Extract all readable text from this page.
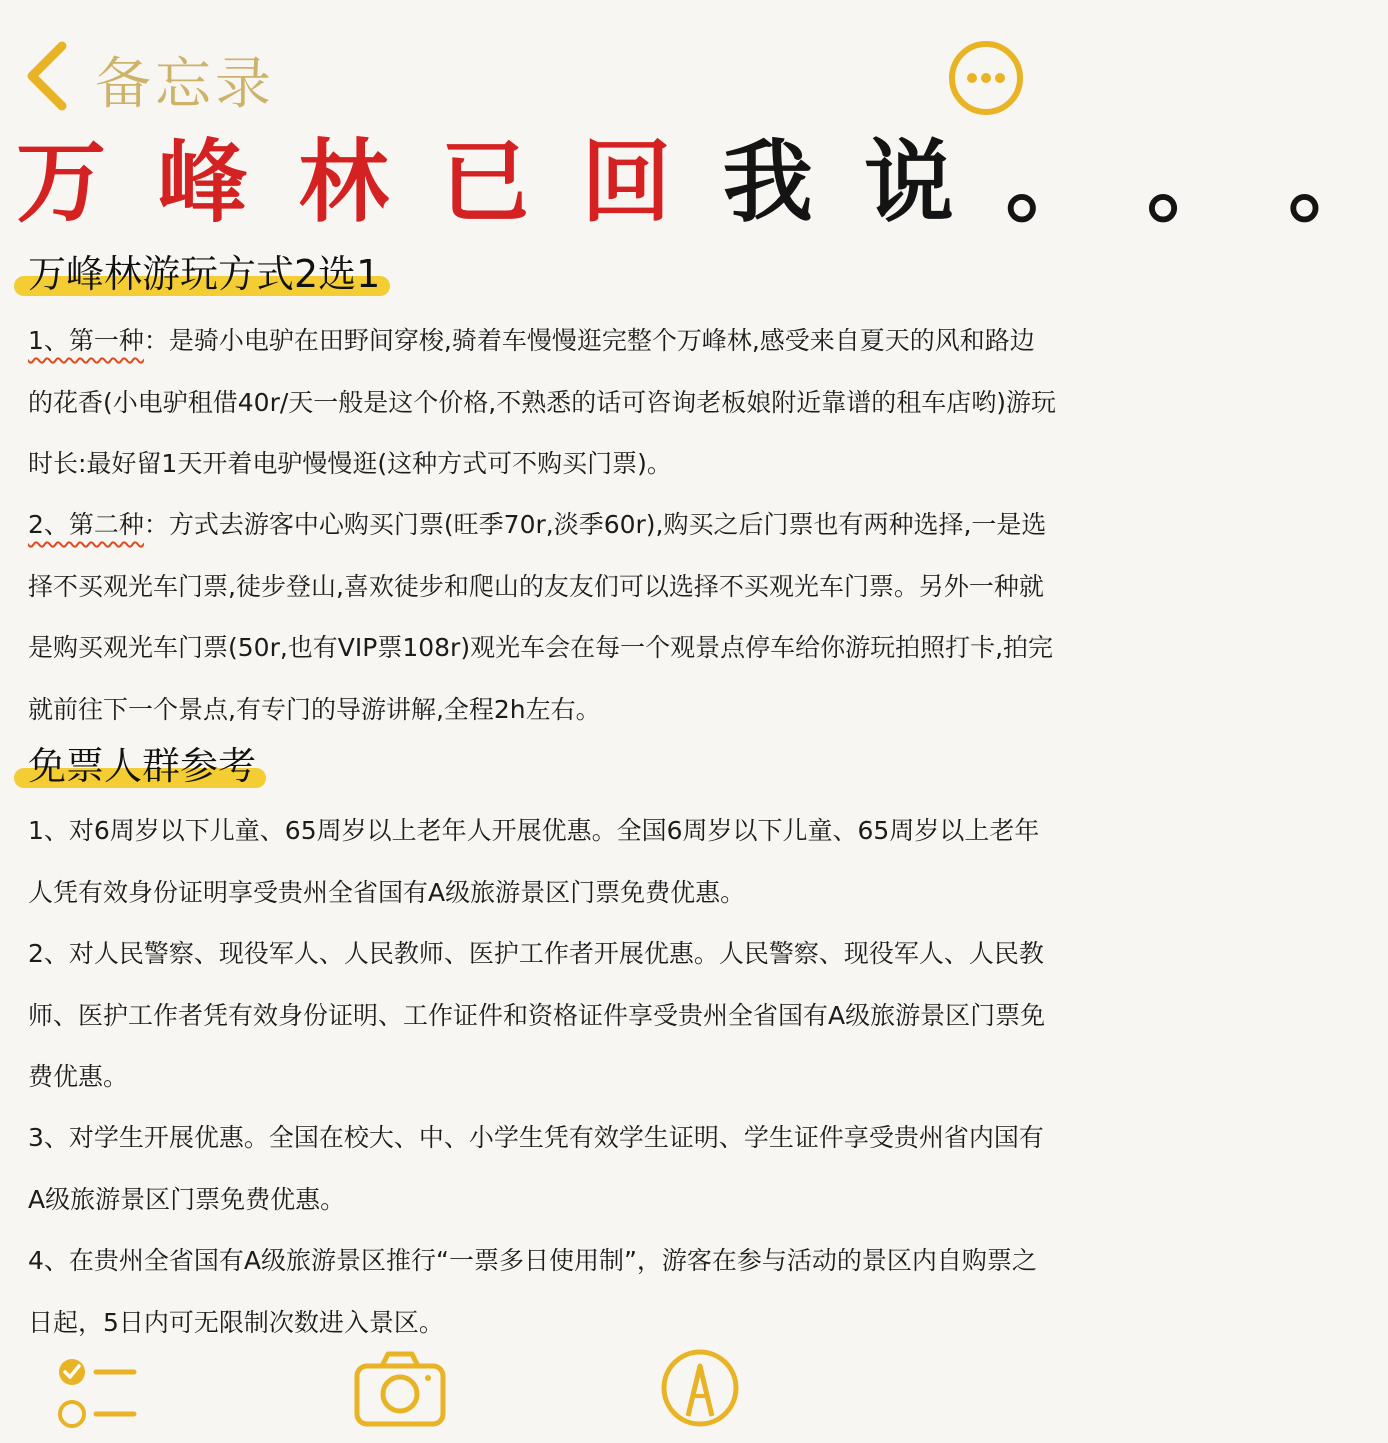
备忘录
万 峰 林 已 回 我 说 。 。 。
万峰林游玩方式2选1
1、第一种：是骑小电驴在田野间穿梭,骑着车慢慢逛完整个万峰林,感受来自夏天的风和路边的花香(小电驴租借40r/天一般是这个价格,不熟悉的话可咨询老板娘附近靠谱的租车店哟)游玩时长:最好留1天开着电驴慢慢逛(这种方式可不购买门票)。
2、第二种：方式去游客中心购买门票(旺季70r,淡季60r),购买之后门票也有两种选择,一是选择不买观光车门票,徒步登山,喜欢徒步和爬山的友友们可以选择不买观光车门票。另外一种就是购买观光车门票(50r,也有VIP票108r)观光车会在每一个观景点停车给你游玩拍照打卡,拍完就前往下一个景点,有专门的导游讲解,全程2h左右。
免票人群参考
1、对6周岁以下儿童、65周岁以上老年人开展优惠。全国6周岁以下儿童、65周岁以上老年人凭有效身份证明享受贵州全省国有A级旅游景区门票免费优惠。
2、对人民警察、现役军人、人民教师、医护工作者开展优惠。人民警察、现役军人、人民教师、医护工作者凭有效身份证明、工作证件和资格证件享受贵州全省国有A级旅游景区门票免费优惠。
3、对学生开展优惠。全国在校大、中、小学生凭有效学生证明、学生证件享受贵州省内国有A级旅游景区门票免费优惠。
4、在贵州全省国有A级旅游景区推行“一票多日使用制”，游客在参与活动的景区内自购票之日起，5日内可无限制次数进入景区。
